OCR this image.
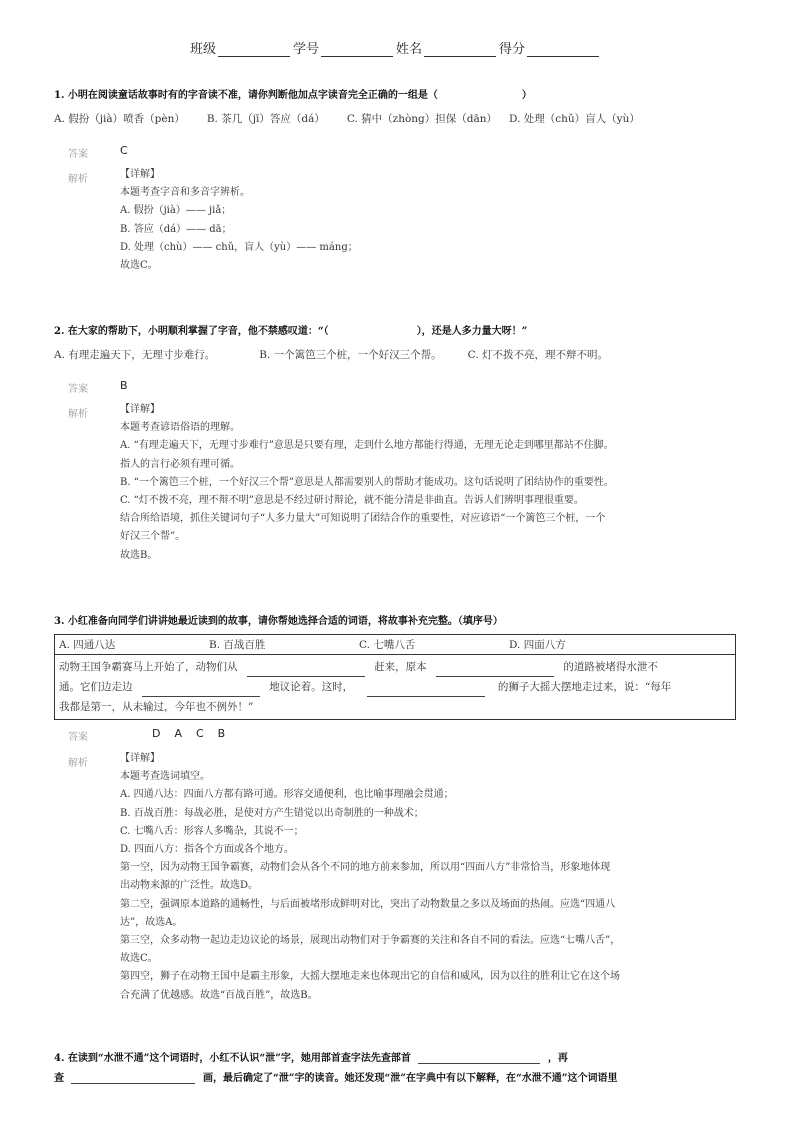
班级	学号	姓名	得分
1. 小明在阅读童话故事时有的字音读不准，请你判断他加点字读音完全正确的一组是（	）
A. 假扮（jià）喷香（pèn） B. 茶几（jī）答应（dá） C. 猜中（zhòng）担保（dān） D. 处理（chǔ）盲人（yù）
答案	C
解析	【详解】
本题考查字音和多音字辨析。
A. 假扮（jià）—— jiǎ；
B. 答应（dá）—— dā；
D. 处理（chù）—— chǔ，盲人（yù）—— máng；
故选C。
2. 在大家的帮助下，小明顺利掌握了字音，他不禁感叹道：“（	），还是人多力量大呀！”
A. 有理走遍天下，无理寸步难行。	B. 一个篱笆三个桩，一个好汉三个帮。 C. 灯不拨不亮，理不辩不明。
答案	B
解析	【详解】
本题考查谚语俗语的理解。
A. “有理走遍天下，无理寸步难行”意思是只要有理，走到什么地方都能行得通，无理无论走到哪里都站不住脚。
指人的言行必须有理可循。
B. “一个篱笆三个桩，一个好汉三个帮”意思是人都需要别人的帮助才能成功。这句话说明了团结协作的重要性。
C. “灯不拨不亮，理不辩不明”意思是不经过研讨辩论，就不能分清是非曲直。告诉人们辨明事理很重要。
结合所给语境，抓住关键词句子“人多力量大”可知说明了团结合作的重要性，对应谚语“一个篱笆三个桩，一个
好汉三个帮”。
故选B。
3. 小红准备向同学们讲讲她最近读到的故事，请你帮她选择合适的词语，将故事补充完整。（填序号）
A. 四通八达	B. 百战百胜	C. 七嘴八舌	D. 四面八方

动物王国争霸赛马上开始了，动物们从	赶来，原本	的道路被堵得水泄不
通。它们边走边	地议论着。这时，	的狮子大摇大摆地走过来，说：“每年
我都是第一，从未输过，今年也不例外！”
答案	D    A    C    B
解析	【详解】
本题考查选词填空。
A. 四通八达：四面八方都有路可通。形容交通便利，也比喻事理融会贯通；
B. 百战百胜：每战必胜，是使对方产生错觉以出奇制胜的一种战术；
C. 七嘴八舌：形容人多嘴杂，其说不一；
D. 四面八方：指各个方面或各个地方。
第一空，因为动物王国争霸赛，动物们会从各个不同的地方前来参加，所以用“四面八方”非常恰当，形象地体现
出动物来源的广泛性。故选D。
第二空，强调原本道路的通畅性，与后面被堵形成鲜明对比，突出了动物数量之多以及场面的热闹。应选“四通八
达”，故选A。
第三空，众多动物一起边走边议论的场景，展现出动物们对于争霸赛的关注和各自不同的看法。应选“七嘴八舌”，
故选C。
第四空，狮子在动物王国中是霸主形象，大摇大摆地走来也体现出它的自信和威风，因为以往的胜利让它在这个场
合充满了优越感。故选“百战百胜”，故选B。
4. 在读到“水泄不通”这个词语时，小红不认识“泄”字，她用部首查字法先查部首	，再
查	画，最后确定了“泄”字的读音。她还发现“泄”在字典中有以下解释，在“水泄不通”这个词语里
